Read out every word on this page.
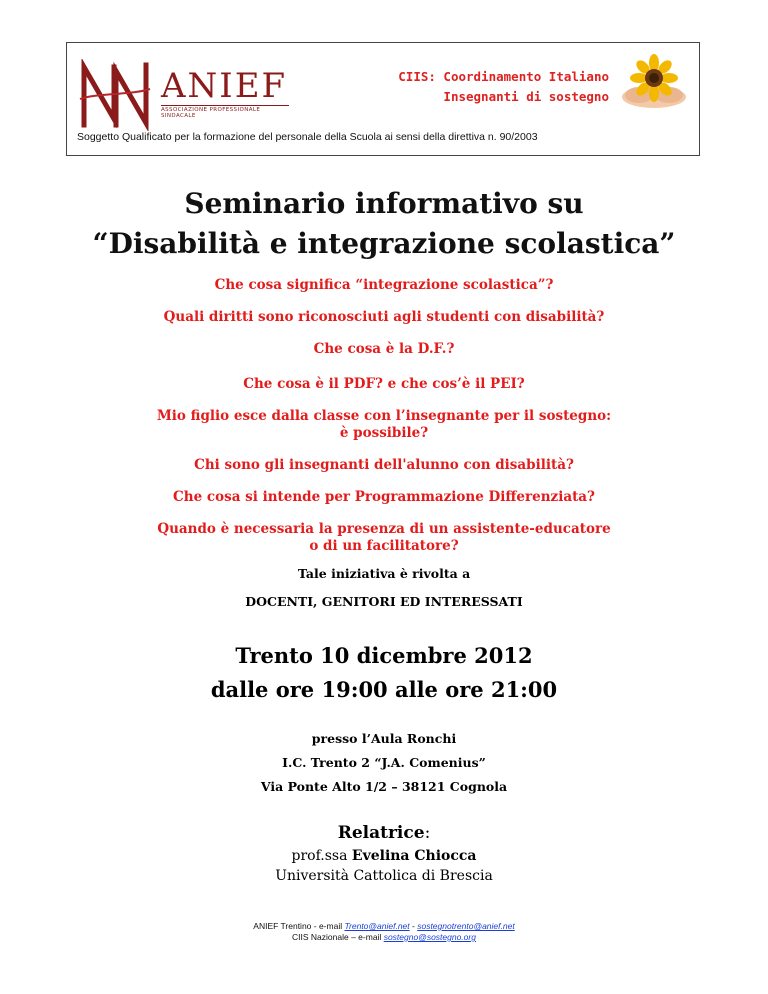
ANIEF
ASSOCIAZIONE PROFESSIONALE SINDACALE
CIIS: Coordinamento Italiano
Insegnanti di sostegno
Soggetto Qualificato per la formazione del personale della Scuola ai sensi della direttiva n. 90/2003
Seminario informativo su
“Disabilità e integrazione scolastica”
Che cosa significa “integrazione scolastica”?
Quali diritti sono riconosciuti agli studenti con disabilità?
Che cosa è la D.F.?
Che cosa è il PDF? e che cos’è il PEI?
Mio figlio esce dalla classe con l’insegnante per il sostegno:
è possibile?
Chi sono gli insegnanti dell'alunno con disabilità?
Che cosa si intende per Programmazione Differenziata?
Quando è necessaria la presenza di un assistente-educatore
o di un facilitatore?
Tale iniziativa è rivolta a
DOCENTI, GENITORI ED INTERESSATI
Trento 10 dicembre 2012
dalle ore 19:00 alle ore 21:00
presso l’Aula Ronchi
I.C. Trento 2 “J.A. Comenius”
Via Ponte Alto 1/2 – 38121 Cognola
Relatrice:
prof.ssa Evelina Chiocca
Università Cattolica di Brescia
ANIEF Trentino - e-mail Trento@anief.net - sostegnotrento@anief.net
CIIS Nazionale – e-mail sostegno@sostegno.org
